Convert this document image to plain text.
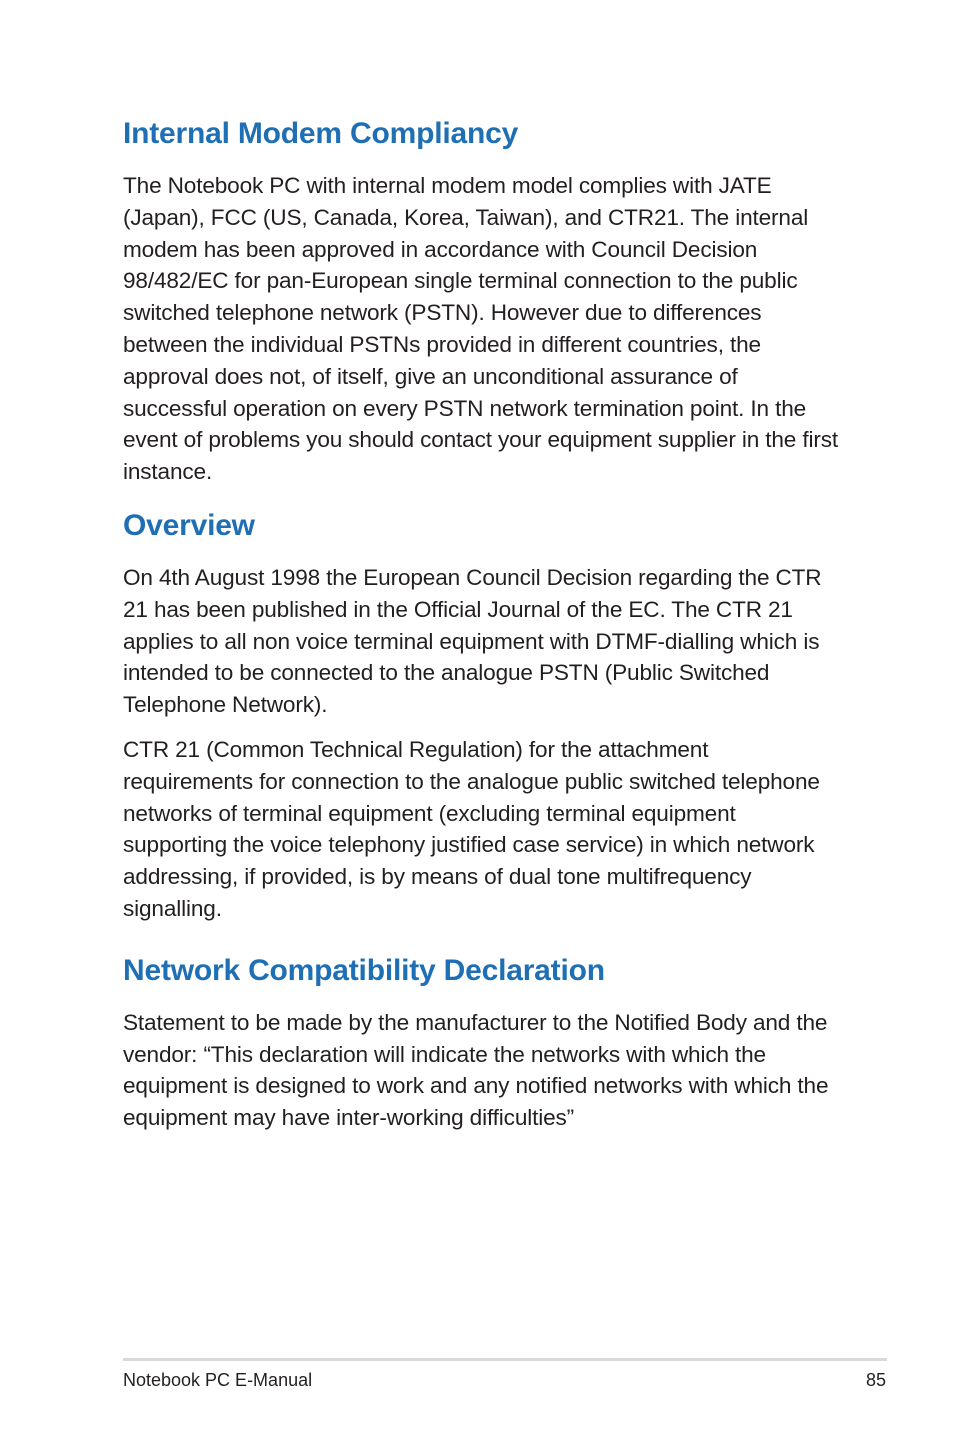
Internal Modem Compliancy

The Notebook PC with internal modem model complies with JATE (Japan), FCC (US, Canada, Korea, Taiwan), and CTR21. The internal modem has been approved in accordance with Council Decision 98/482/EC for pan-European single terminal connection to the public switched telephone network (PSTN). However due to differences between the individual PSTNs provided in different countries, the approval does not, of itself, give an unconditional assurance of successful operation on every PSTN network termination point. In the event of problems you should contact your equipment supplier in the first instance.

Overview

On 4th August 1998 the European Council Decision regarding the CTR 21 has been published in the Official Journal of the EC. The CTR 21 applies to all non voice terminal equipment with DTMF-dialling which is intended to be connected to the analogue PSTN (Public Switched Telephone Network).

CTR 21 (Common Technical Regulation) for the attachment requirements for connection to the analogue public switched telephone networks of terminal equipment (excluding terminal equipment supporting the voice telephony justified case service) in which network addressing, if provided, is by means of dual tone multifrequency signalling.

Network Compatibility Declaration

Statement to be made by the manufacturer to the Notified Body and the vendor: “This declaration will indicate the networks with which the equipment is designed to work and any notified networks with which the equipment may have inter-working difficulties”

Notebook PC E-Manual	85
